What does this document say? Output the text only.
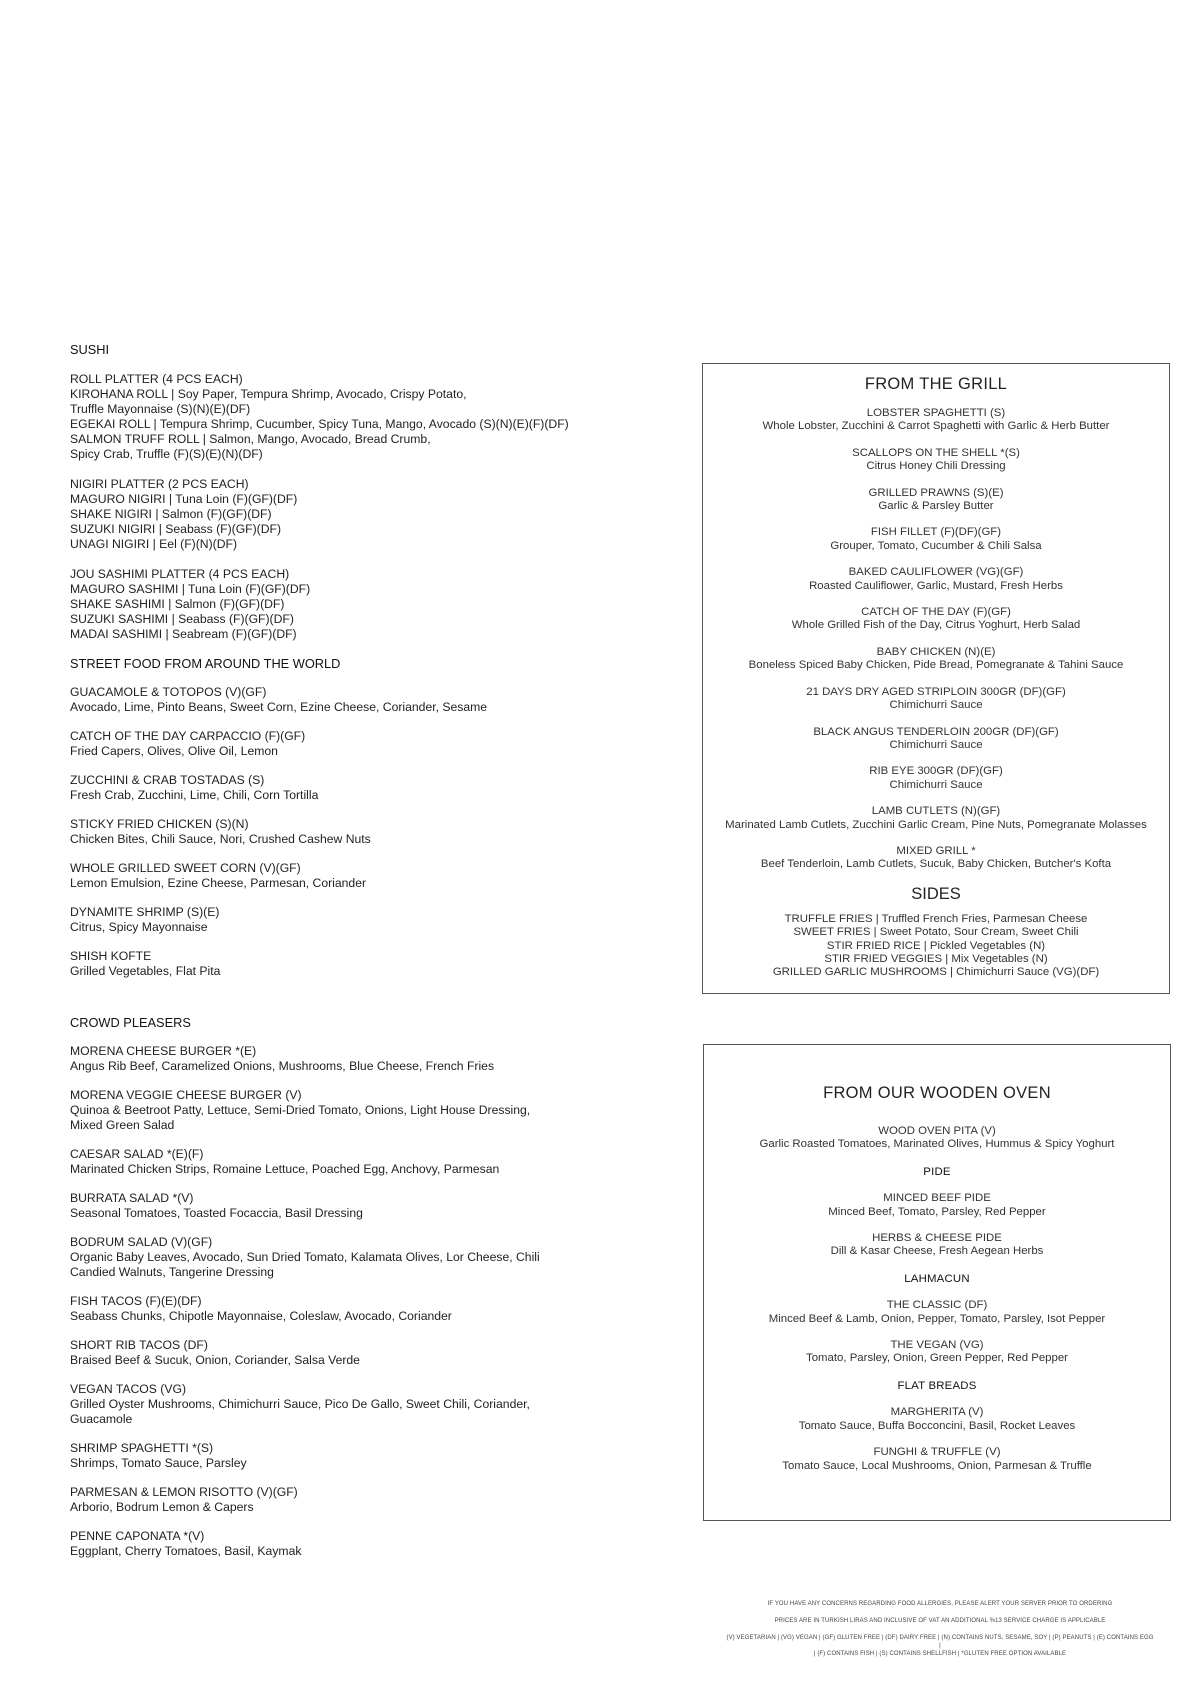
SUSHI
ROLL PLATTER (4 PCS EACH)
KIROHANA ROLL | Soy Paper, Tempura Shrimp, Avocado, Crispy Potato,
Truffle Mayonnaise (S)(N)(E)(DF)
EGEKAI ROLL | Tempura Shrimp, Cucumber, Spicy Tuna, Mango, Avocado (S)(N)(E)(F)(DF)
SALMON TRUFF ROLL | Salmon, Mango, Avocado, Bread Crumb,
Spicy Crab, Truffle (F)(S)(E)(N)(DF)
NIGIRI PLATTER (2 PCS EACH)
MAGURO NIGIRI | Tuna Loin (F)(GF)(DF)
SHAKE NIGIRI | Salmon (F)(GF)(DF)
SUZUKI NIGIRI | Seabass (F)(GF)(DF)
UNAGI NIGIRI | Eel (F)(N)(DF)
JOU SASHIMI PLATTER (4 PCS EACH)
MAGURO SASHIMI | Tuna Loin (F)(GF)(DF)
SHAKE SASHIMI | Salmon (F)(GF)(DF)
SUZUKI SASHIMI | Seabass (F)(GF)(DF)
MADAI SASHIMI | Seabream (F)(GF)(DF)
STREET FOOD FROM AROUND THE WORLD
GUACAMOLE & TOTOPOS (V)(GF)
Avocado, Lime, Pinto Beans, Sweet Corn, Ezine Cheese, Coriander, Sesame
CATCH OF THE DAY CARPACCIO (F)(GF)
Fried Capers, Olives, Olive Oil, Lemon
ZUCCHINI & CRAB TOSTADAS (S)
Fresh Crab, Zucchini, Lime, Chili, Corn Tortilla
STICKY FRIED CHICKEN (S)(N)
Chicken Bites, Chili Sauce, Nori, Crushed Cashew Nuts
WHOLE GRILLED SWEET CORN (V)(GF)
Lemon Emulsion, Ezine Cheese, Parmesan, Coriander
DYNAMITE SHRIMP (S)(E)
Citrus, Spicy Mayonnaise
SHISH KOFTE
Grilled Vegetables, Flat Pita
CROWD PLEASERS
MORENA CHEESE BURGER *(E)
Angus Rib Beef, Caramelized Onions, Mushrooms, Blue Cheese, French Fries
MORENA VEGGIE CHEESE BURGER (V)
Quinoa & Beetroot Patty, Lettuce, Semi-Dried Tomato, Onions, Light House Dressing,
Mixed Green Salad
CAESAR SALAD *(E)(F)
Marinated Chicken Strips, Romaine Lettuce, Poached Egg, Anchovy, Parmesan
BURRATA SALAD *(V)
Seasonal Tomatoes, Toasted Focaccia, Basil Dressing
BODRUM SALAD (V)(GF)
Organic Baby Leaves, Avocado, Sun Dried Tomato, Kalamata Olives, Lor Cheese, Chili
Candied Walnuts, Tangerine Dressing
FISH TACOS (F)(E)(DF)
Seabass Chunks, Chipotle Mayonnaise, Coleslaw, Avocado, Coriander
SHORT RIB TACOS (DF)
Braised Beef & Sucuk, Onion, Coriander, Salsa Verde
VEGAN TACOS (VG)
Grilled Oyster Mushrooms, Chimichurri Sauce, Pico De Gallo, Sweet Chili, Coriander,
Guacamole
SHRIMP SPAGHETTI *(S)
Shrimps, Tomato Sauce, Parsley
PARMESAN & LEMON RISOTTO (V)(GF)
Arborio, Bodrum Lemon & Capers
PENNE CAPONATA *(V)
Eggplant, Cherry Tomatoes, Basil, Kaymak
FROM THE GRILL
LOBSTER SPAGHETTI (S)
Whole Lobster, Zucchini & Carrot Spaghetti with Garlic & Herb Butter
SCALLOPS ON THE SHELL *(S)
Citrus Honey Chili Dressing
GRILLED PRAWNS (S)(E)
Garlic & Parsley Butter
FISH FILLET (F)(DF)(GF)
Grouper, Tomato, Cucumber & Chili Salsa
BAKED CAULIFLOWER (VG)(GF)
Roasted Cauliflower, Garlic, Mustard, Fresh Herbs
CATCH OF THE DAY (F)(GF)
Whole Grilled Fish of the Day, Citrus Yoghurt, Herb Salad
BABY CHICKEN (N)(E)
Boneless Spiced Baby Chicken, Pide Bread, Pomegranate & Tahini Sauce
21 DAYS DRY AGED STRIPLOIN 300GR (DF)(GF)
Chimichurri Sauce
BLACK ANGUS TENDERLOIN 200GR (DF)(GF)
Chimichurri Sauce
RIB EYE 300GR (DF)(GF)
Chimichurri Sauce
LAMB CUTLETS (N)(GF)
Marinated Lamb Cutlets, Zucchini Garlic Cream, Pine Nuts, Pomegranate Molasses
MIXED GRILL *
Beef Tenderloin, Lamb Cutlets, Sucuk, Baby Chicken, Butcher's Kofta
SIDES
TRUFFLE FRIES | Truffled French Fries, Parmesan Cheese
SWEET FRIES | Sweet Potato, Sour Cream, Sweet Chili
STIR FRIED RICE | Pickled Vegetables (N)
STIR FRIED VEGGIES | Mix Vegetables (N)
GRILLED GARLIC MUSHROOMS | Chimichurri Sauce (VG)(DF)
FROM OUR WOODEN OVEN
WOOD OVEN PITA (V)
Garlic Roasted Tomatoes, Marinated Olives, Hummus & Spicy Yoghurt
PIDE
MINCED BEEF PIDE
Minced Beef, Tomato, Parsley, Red Pepper
HERBS & CHEESE PIDE
Dill & Kasar Cheese, Fresh Aegean Herbs
LAHMACUN
THE CLASSIC (DF)
Minced Beef & Lamb, Onion, Pepper, Tomato, Parsley, Isot Pepper
THE VEGAN (VG)
Tomato, Parsley, Onion, Green Pepper, Red Pepper
FLAT BREADS
MARGHERITA (V)
Tomato Sauce, Buffa Bocconcini, Basil, Rocket Leaves
FUNGHI & TRUFFLE (V)
Tomato Sauce, Local Mushrooms, Onion, Parmesan & Truffle
IF YOU HAVE ANY CONCERNS REGARDING FOOD ALLERGIES, PLEASE ALERT YOUR SERVER PRIOR TO ORDERING
PRICES ARE IN TURKISH LIRAS AND INCLUSIVE OF VAT AN ADDITIONAL %13 SERVICE CHARGE IS APPLICABLE
(V) VEGETARIAN | (VG) VEGAN | (GF) GLUTEN FREE | (DF) DAIRY FREE | (N) CONTAINS NUTS, SESAME, SOY | (P) PEANUTS | (E) CONTAINS EGG |
| (F) CONTAINS FISH | (S) CONTAINS SHELLFISH | *GLUTEN FREE OPTION AVAILABLE
